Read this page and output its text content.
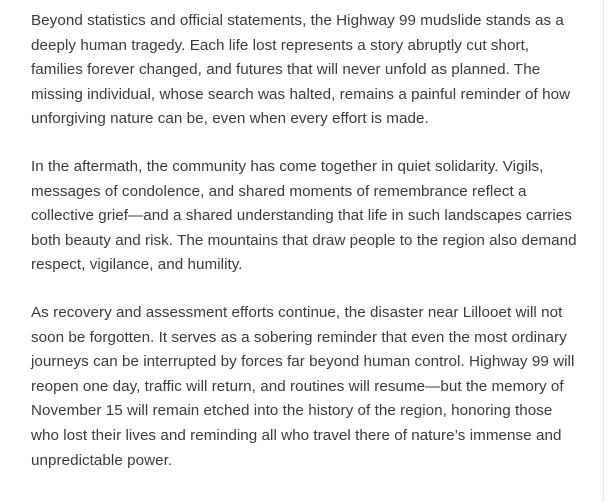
Beyond statistics and official statements, the Highway 99 mudslide stands as a deeply human tragedy. Each life lost represents a story abruptly cut short, families forever changed, and futures that will never unfold as planned. The missing individual, whose search was halted, remains a painful reminder of how unforgiving nature can be, even when every effort is made.

In the aftermath, the community has come together in quiet solidarity. Vigils, messages of condolence, and shared moments of remembrance reflect a collective grief—and a shared understanding that life in such landscapes carries both beauty and risk. The mountains that draw people to the region also demand respect, vigilance, and humility.

As recovery and assessment efforts continue, the disaster near Lillooet will not soon be forgotten. It serves as a sobering reminder that even the most ordinary journeys can be interrupted by forces far beyond human control. Highway 99 will reopen one day, traffic will return, and routines will resume—but the memory of November 15 will remain etched into the history of the region, honoring those who lost their lives and reminding all who travel there of nature’s immense and unpredictable power.
